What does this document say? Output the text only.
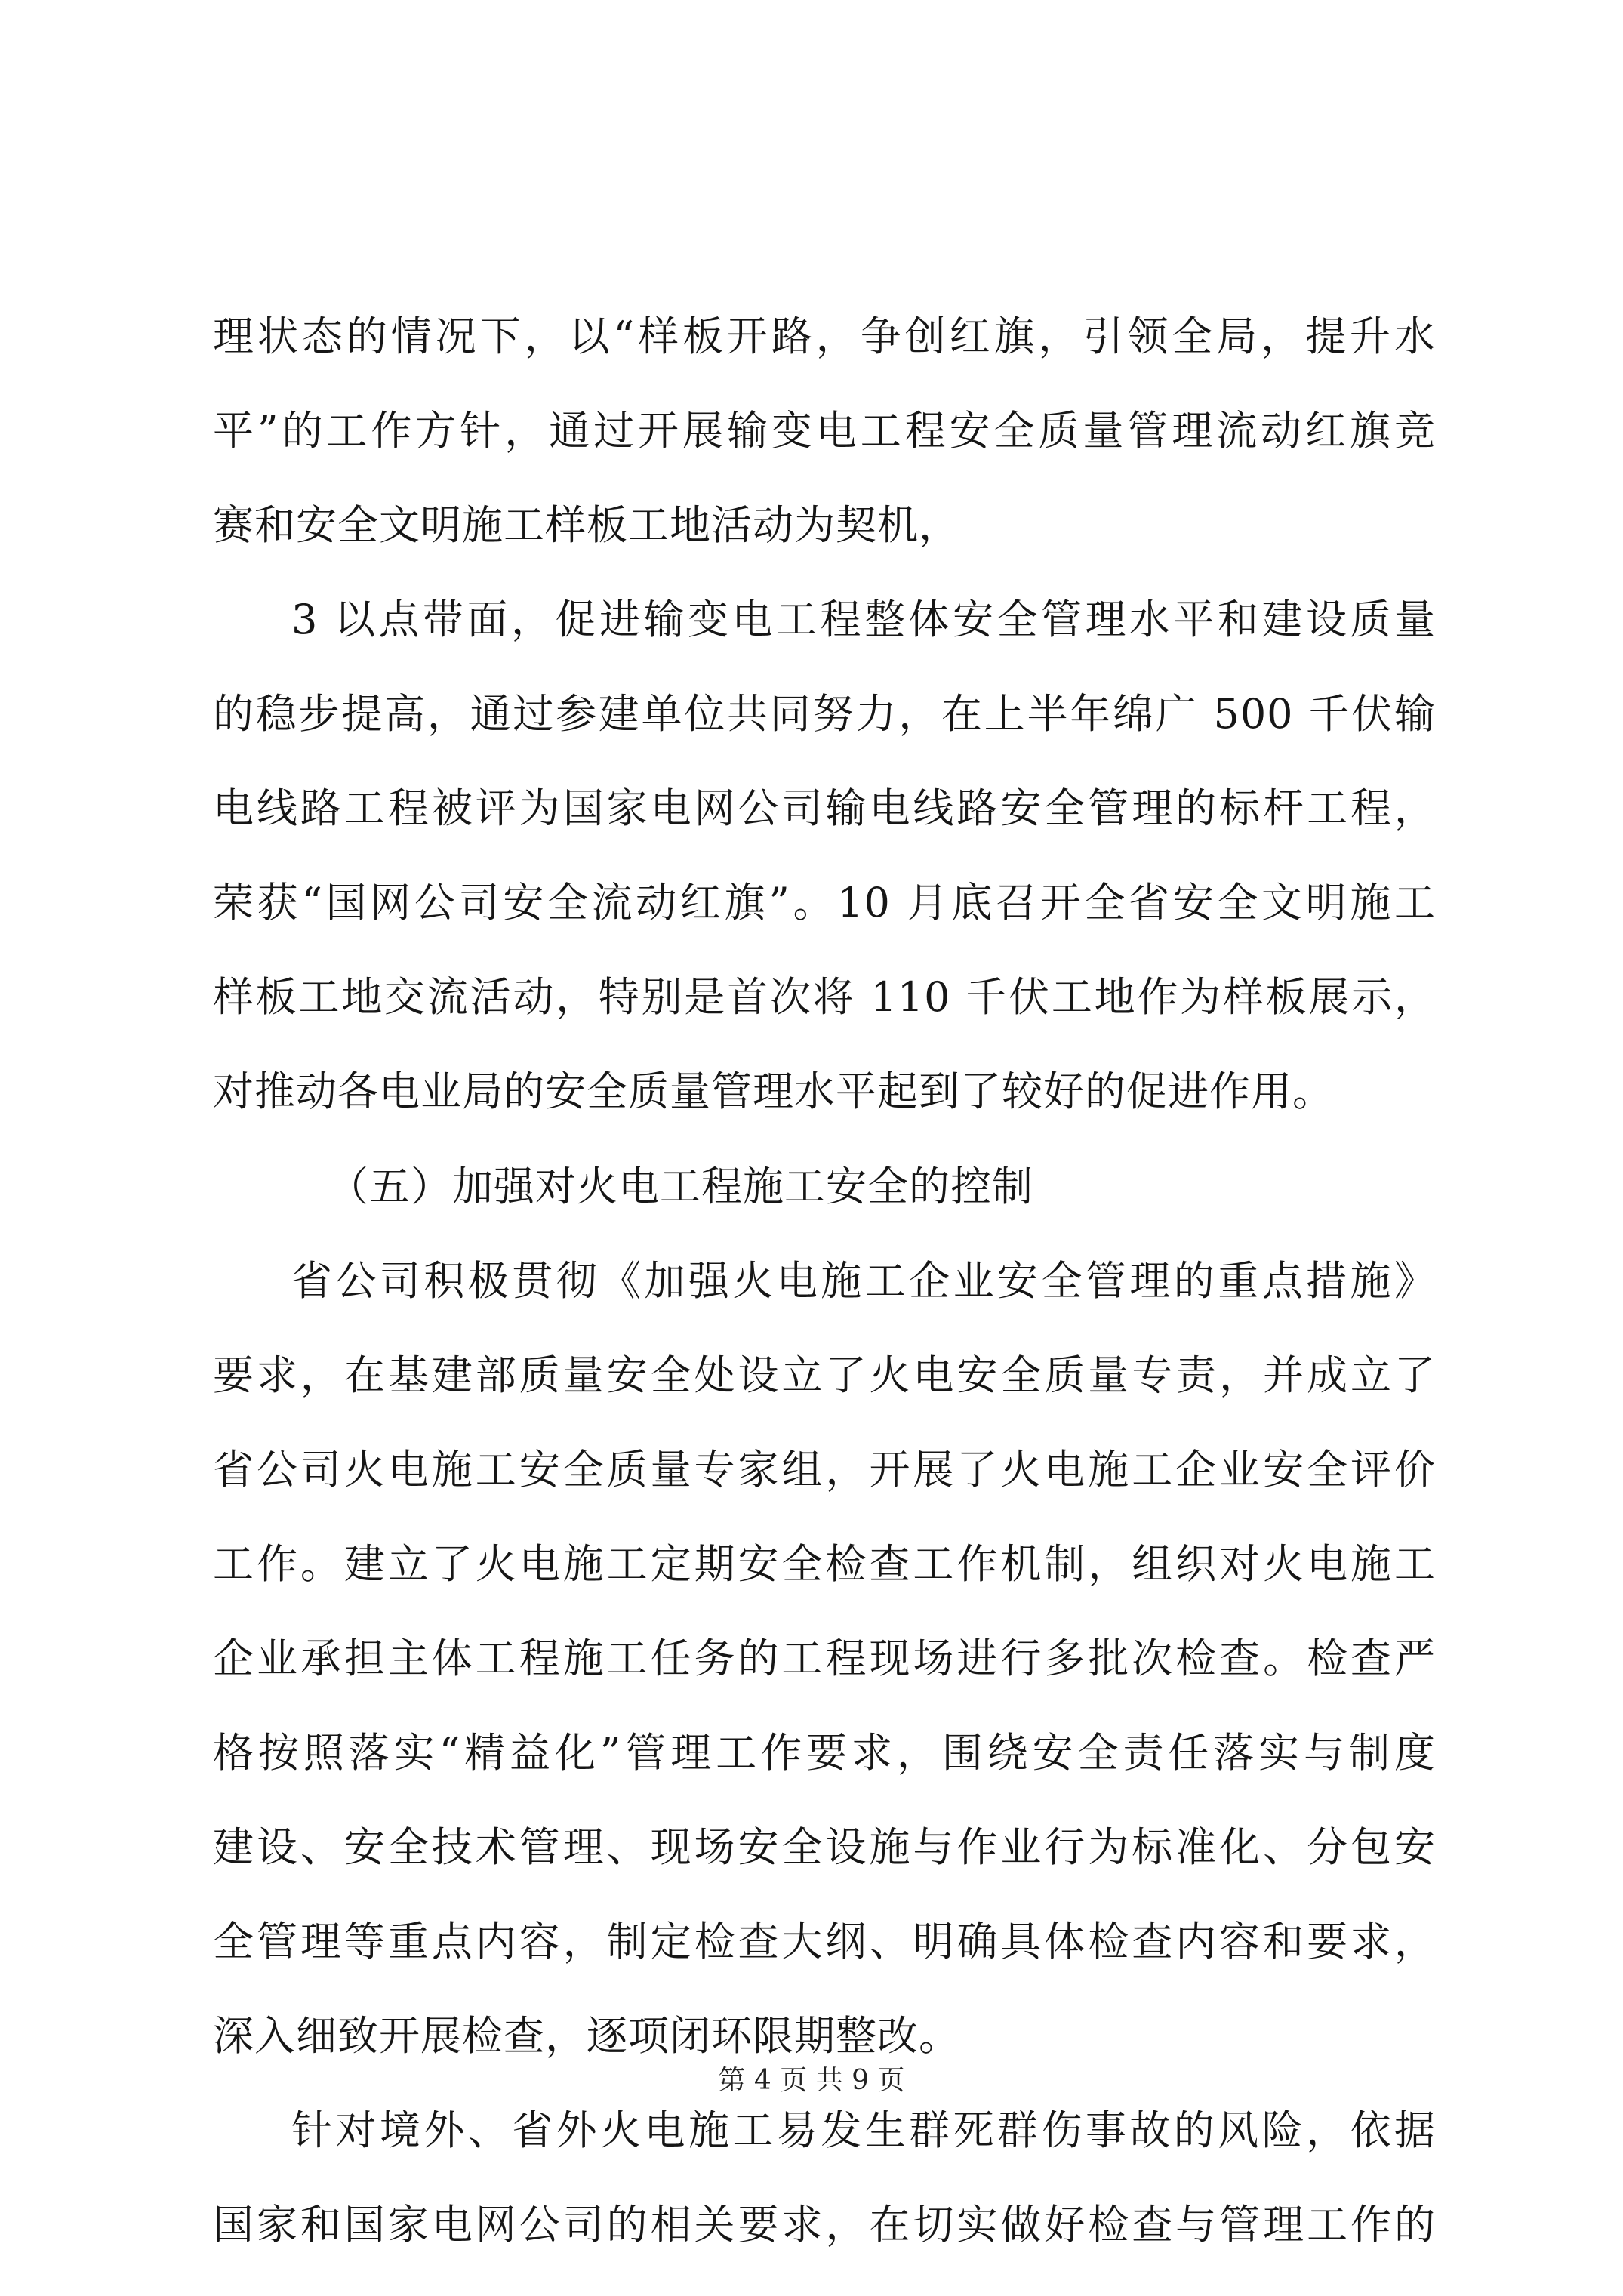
理状态的情况下，以“样板开路，争创红旗，引领全局，提升水
平”的工作方针，通过开展输变电工程安全质量管理流动红旗竞
赛和安全文明施工样板工地活动为契机，
3 以点带面，促进输变电工程整体安全管理水平和建设质量
的稳步提高，通过参建单位共同努力，在上半年绵广 500 千伏输
电线路工程被评为国家电网公司输电线路安全管理的标杆工程，
荣获“国网公司安全流动红旗”。10 月底召开全省安全文明施工
样板工地交流活动，特别是首次将 110 千伏工地作为样板展示，
对推动各电业局的安全质量管理水平起到了较好的促进作用。
（五）加强对火电工程施工安全的控制
省公司积极贯彻《加强火电施工企业安全管理的重点措施》
要求，在基建部质量安全处设立了火电安全质量专责，并成立了
省公司火电施工安全质量专家组，开展了火电施工企业安全评价
工作。建立了火电施工定期安全检查工作机制，组织对火电施工
企业承担主体工程施工任务的工程现场进行多批次检查。检查严
格按照落实“精益化”管理工作要求，围绕安全责任落实与制度
建设、安全技术管理、现场安全设施与作业行为标准化、分包安
全管理等重点内容，制定检查大纲、明确具体检查内容和要求，
深入细致开展检查，逐项闭环限期整改。
针对境外、省外火电施工易发生群死群伤事故的风险，依据
国家和国家电网公司的相关要求，在切实做好检查与管理工作的
第 4 页 共 9 页
